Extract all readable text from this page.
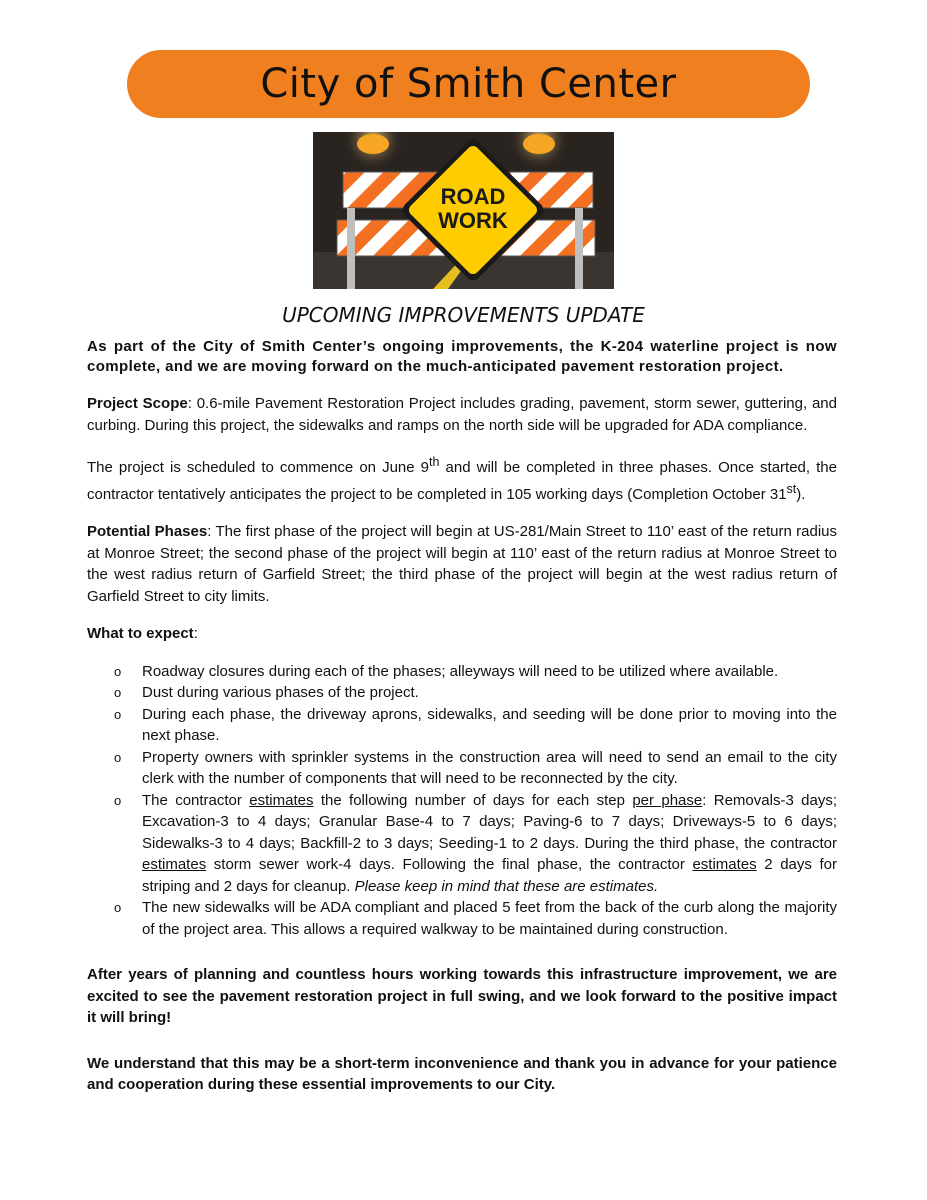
City of Smith Center
ROAD
WORK
UPCOMING IMPROVEMENTS UPDATE

As part of the City of Smith Center’s ongoing improvements, the K-204 waterline project is now complete, and we are moving forward on the much-anticipated pavement restoration project.

Project Scope: 0.6-mile Pavement Restoration Project includes grading, pavement, storm sewer, guttering, and curbing. During this project, the sidewalks and ramps on the north side will be upgraded for ADA compliance.

The project is scheduled to commence on June 9th and will be completed in three phases. Once started, the contractor tentatively anticipates the project to be completed in 105 working days (Completion October 31st).

Potential Phases: The first phase of the project will begin at US-281/Main Street to 110’ east of the return radius at Monroe Street; the second phase of the project will begin at 110’ east of the return radius at Monroe Street to the west radius return of Garfield Street; the third phase of the project will begin at the west radius return of Garfield Street to city limits.

What to expect:

o Roadway closures during each of the phases; alleyways will need to be utilized where available.
o Dust during various phases of the project.
o During each phase, the driveway aprons, sidewalks, and seeding will be done prior to moving into the next phase.
o Property owners with sprinkler systems in the construction area will need to send an email to the city clerk with the number of components that will need to be reconnected by the city.
o The contractor estimates the following number of days for each step per phase: Removals-3 days; Excavation-3 to 4 days; Granular Base-4 to 7 days; Paving-6 to 7 days; Driveways-5 to 6 days; Sidewalks-3 to 4 days; Backfill-2 to 3 days; Seeding-1 to 2 days. During the third phase, the contractor estimates storm sewer work-4 days. Following the final phase, the contractor estimates 2 days for striping and 2 days for cleanup. Please keep in mind that these are estimates.
o The new sidewalks will be ADA compliant and placed 5 feet from the back of the curb along the majority of the project area. This allows a required walkway to be maintained during construction.

After years of planning and countless hours working towards this infrastructure improvement, we are excited to see the pavement restoration project in full swing, and we look forward to the positive impact it will bring!

We understand that this may be a short-term inconvenience and thank you in advance for your patience and cooperation during these essential improvements to our City.
